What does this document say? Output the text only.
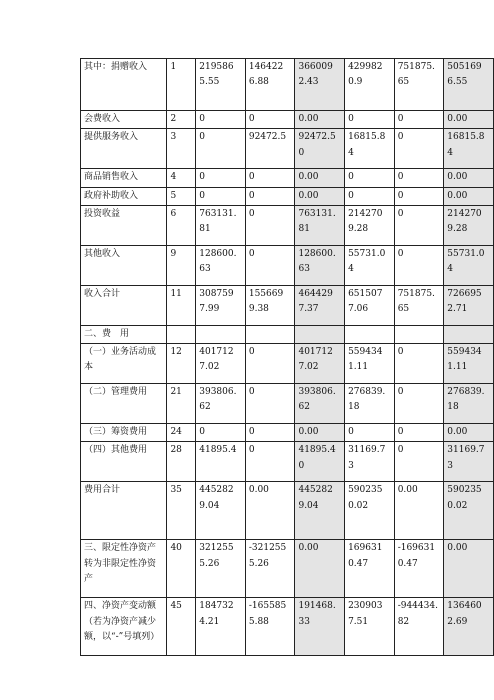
其中：捐赠收入	1	2195865.55	1464226.88	3660092.43	4299820.9	751875.65	5051696.55
会费收入	2	0	0	0.00	0	0	0.00
提供服务收入	3	0	92472.5	92472.50	16815.84	0	16815.84
商品销售收入	4	0	0	0.00	0	0	0.00
政府补助收入	5	0	0	0.00	0	0	0.00
投资收益	6	763131.81	0	763131.81	2142709.28	0	2142709.28
其他收入	9	128600.63	0	128600.63	55731.04	0	55731.04
收入合计	11	3087597.99	1556699.38	4644297.37	6515077.06	751875.65	7266952.71
二、费　用							
（一）业务活动成本	12	4017127.02	0	4017127.02	5594341.11	0	5594341.11
（二）管理费用	21	393806.62	0	393806.62	276839.18	0	276839.18
（三）筹资费用	24	0	0	0.00	0	0	0.00
（四）其他费用	28	41895.4	0	41895.40	31169.73	0	31169.73
费用合计	35	4452829.04	0.00	4452829.04	5902350.02	0.00	5902350.02
三、限定性净资产转为非限定性净资产	40	3212555.26	-3212555.26	0.00	1696310.47	-1696310.47	0.00
四、净资产变动额（若为净资产减少额，以“-”号填列）	45	1847324.21	-1655855.88	191468.33	2309037.51	-944434.82	1364602.69
